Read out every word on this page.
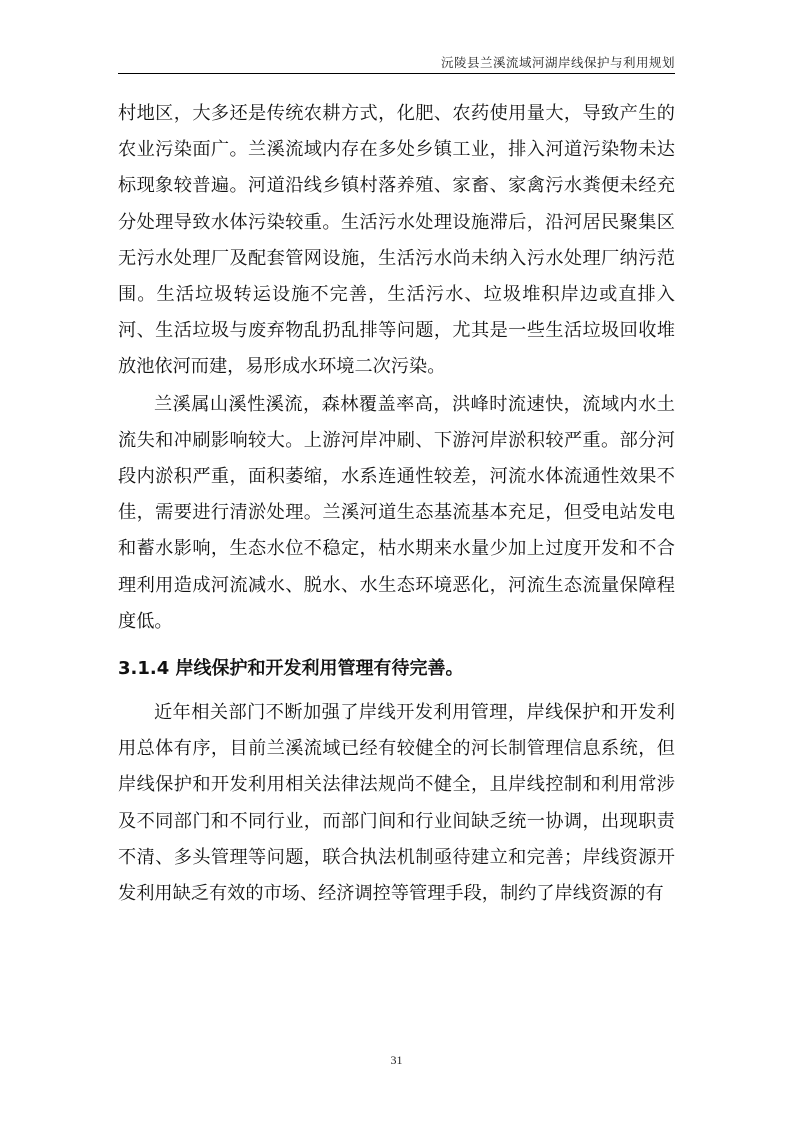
沅陵县兰溪流域河湖岸线保护与利用规划

村地区，大多还是传统农耕方式，化肥、农药使用量大，导致产生的农业污染面广。兰溪流域内存在多处乡镇工业，排入河道污染物未达标现象较普遍。河道沿线乡镇村落养殖、家畜、家禽污水粪便未经充分处理导致水体污染较重。生活污水处理设施滞后，沿河居民聚集区无污水处理厂及配套管网设施，生活污水尚未纳入污水处理厂纳污范围。生活垃圾转运设施不完善，生活污水、垃圾堆积岸边或直排入河、生活垃圾与废弃物乱扔乱排等问题，尤其是一些生活垃圾回收堆放池依河而建，易形成水环境二次污染。

兰溪属山溪性溪流，森林覆盖率高，洪峰时流速快，流域内水土流失和冲刷影响较大。上游河岸冲刷、下游河岸淤积较严重。部分河段内淤积严重，面积萎缩，水系连通性较差，河流水体流通性效果不佳，需要进行清淤处理。兰溪河道生态基流基本充足，但受电站发电和蓄水影响，生态水位不稳定，枯水期来水量少加上过度开发和不合理利用造成河流减水、脱水、水生态环境恶化，河流生态流量保障程度低。

3.1.4 岸线保护和开发利用管理有待完善。

近年相关部门不断加强了岸线开发利用管理，岸线保护和开发利用总体有序，目前兰溪流域已经有较健全的河长制管理信息系统，但岸线保护和开发利用相关法律法规尚不健全，且岸线控制和利用常涉及不同部门和不同行业，而部门间和行业间缺乏统一协调，出现职责不清、多头管理等问题，联合执法机制亟待建立和完善；岸线资源开发利用缺乏有效的市场、经济调控等管理手段，制约了岸线资源的有

31
